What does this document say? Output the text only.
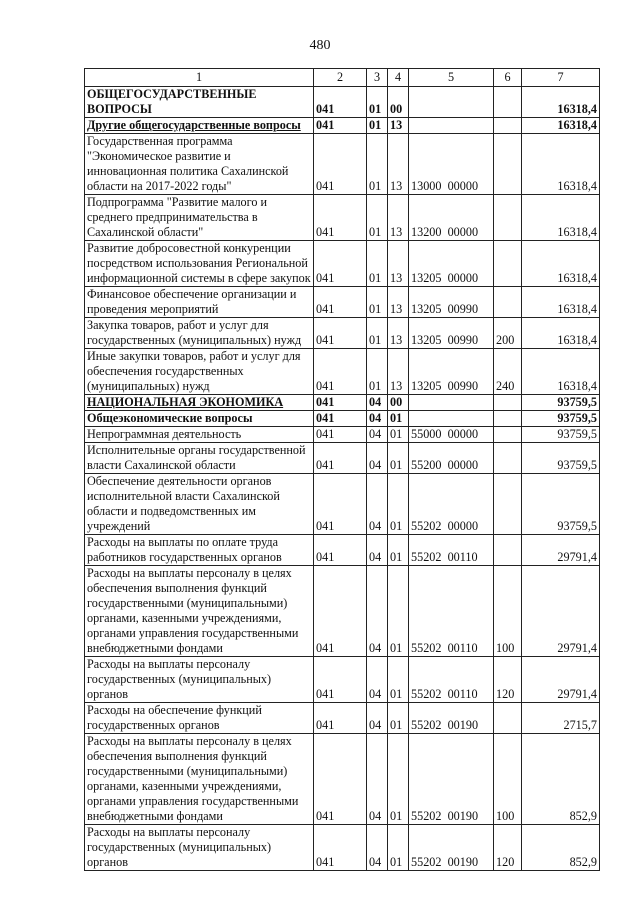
480
1	2	3	4	5	6	7
ОБЩЕГОСУДАРСТВЕННЫЕ ВОПРОСЫ	041	01	00			16318,4
Другие общегосударственные вопросы	041	01	13			16318,4
Государственная программа "Экономическое развитие и инновационная политика Сахалинской области на 2017-2022 годы"	041	01	13	13000  00000		16318,4
Подпрограмма "Развитие малого и среднего предпринимательства в Сахалинской области"	041	01	13	13200  00000		16318,4
Развитие добросовестной конкуренции посредством использования Региональной информационной системы в сфере закупок	041	01	13	13205  00000		16318,4
Финансовое обеспечение организации и проведения мероприятий	041	01	13	13205  00990		16318,4
Закупка товаров, работ и услуг для государственных (муниципальных) нужд	041	01	13	13205  00990	200	16318,4
Иные закупки товаров, работ и услуг для обеспечения государственных (муниципальных) нужд	041	01	13	13205  00990	240	16318,4
НАЦИОНАЛЬНАЯ ЭКОНОМИКА	041	04	00			93759,5
Общеэкономические вопросы	041	04	01			93759,5
Непрограммная деятельность	041	04	01	55000  00000		93759,5
Исполнительные органы государственной власти Сахалинской области	041	04	01	55200  00000		93759,5
Обеспечение деятельности органов исполнительной власти Сахалинской области и подведомственных им учреждений	041	04	01	55202  00000		93759,5
Расходы на выплаты по оплате труда работников государственных органов	041	04	01	55202  00110		29791,4
Расходы на выплаты персоналу в целях обеспечения выполнения функций государственными (муниципальными) органами, казенными учреждениями, органами управления государственными внебюджетными фондами	041	04	01	55202  00110	100	29791,4
Расходы на выплаты персоналу государственных (муниципальных) органов	041	04	01	55202  00110	120	29791,4
Расходы на обеспечение функций государственных органов	041	04	01	55202  00190		2715,7
Расходы на выплаты персоналу в целях обеспечения выполнения функций государственными (муниципальными) органами, казенными учреждениями, органами управления государственными внебюджетными фондами	041	04	01	55202  00190	100	852,9
Расходы на выплаты персоналу государственных (муниципальных) органов	041	04	01	55202  00190	120	852,9
